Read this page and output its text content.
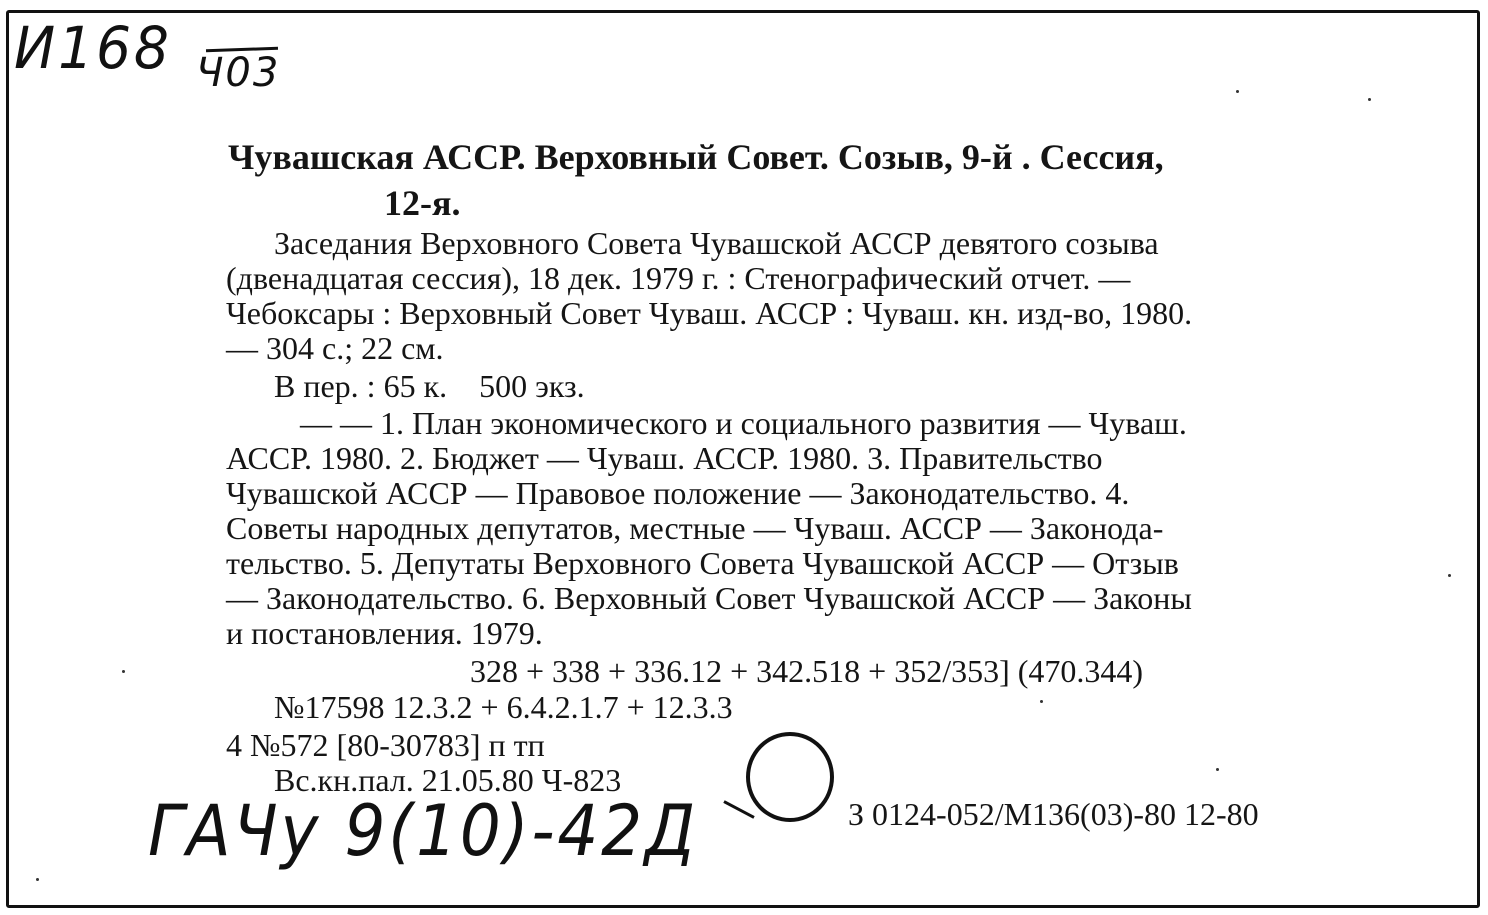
И168 Ч03
Чувашская АССР. Верховный Совет. Созыв, 9-й . Сессия,
12-я.
Заседания Верховного Совета Чувашской АССР девятого созыва
(двенадцатая сессия), 18 дек. 1979 г. : Стенографический отчет. —
Чебоксары : Верховный Совет Чуваш. АССР : Чуваш. кн. изд-во, 1980.
— 304 с.; 22 см.
В пер. : 65 к.    500 экз.
— — 1. План экономического и социального развития — Чуваш.
АССР. 1980. 2. Бюджет — Чуваш. АССР. 1980. 3. Правительство
Чувашской АССР — Правовое положение — Законодательство. 4.
Советы народных депутатов, местные — Чуваш. АССР — Законода-
тельство. 5. Депутаты Верховного Совета Чувашской АССР — Отзыв
— Законодательство. 6. Верховный Совет Чувашской АССР — Законы
и постановления. 1979.
328 + 338 + 336.12 + 342.518 + 352/353] (470.344)
№17598 12.3.2 + 6.4.2.1.7 + 12.3.3
4 №572 [80-30783] п тп
Вс.кн.пал. 21.05.80 Ч-823
З 0124-052/М136(03)-80 12-80
ГАЧу 9(10)-42Д
